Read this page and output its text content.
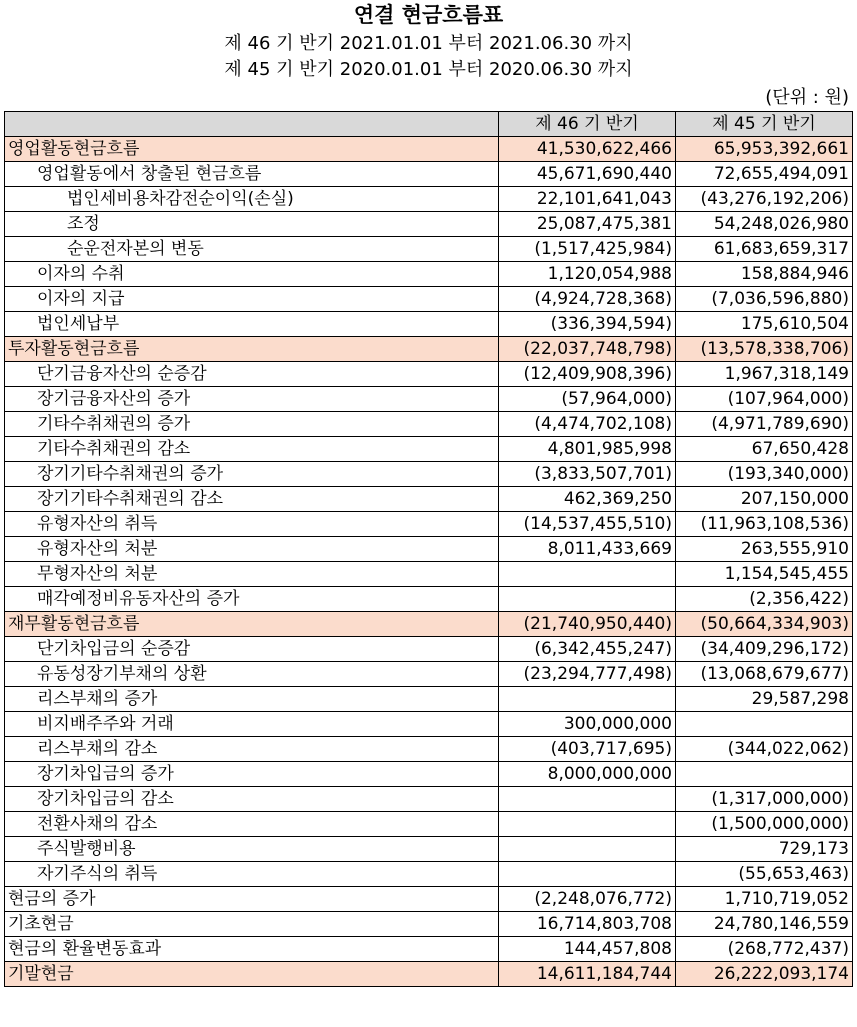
연결 현금흐름표
제 46 기 반기 2021.01.01 부터 2021.06.30 까지
제 45 기 반기 2020.01.01 부터 2020.06.30 까지
(단위 : 원)
	제 46 기 반기	제 45 기 반기
영업활동현금흐름	41,530,622,466	65,953,392,661
영업활동에서 창출된 현금흐름	45,671,690,440	72,655,494,091
법인세비용차감전순이익(손실)	22,101,641,043	(43,276,192,206)
조정	25,087,475,381	54,248,026,980
순운전자본의 변동	(1,517,425,984)	61,683,659,317
이자의 수취	1,120,054,988	158,884,946
이자의 지급	(4,924,728,368)	(7,036,596,880)
법인세납부	(336,394,594)	175,610,504
투자활동현금흐름	(22,037,748,798)	(13,578,338,706)
단기금융자산의 순증감	(12,409,908,396)	1,967,318,149
장기금융자산의 증가	(57,964,000)	(107,964,000)
기타수취채권의 증가	(4,474,702,108)	(4,971,789,690)
기타수취채권의 감소	4,801,985,998	67,650,428
장기기타수취채권의 증가	(3,833,507,701)	(193,340,000)
장기기타수취채권의 감소	462,369,250	207,150,000
유형자산의 취득	(14,537,455,510)	(11,963,108,536)
유형자산의 처분	8,011,433,669	263,555,910
무형자산의 처분		1,154,545,455
매각예정비유동자산의 증가		(2,356,422)
재무활동현금흐름	(21,740,950,440)	(50,664,334,903)
단기차입금의 순증감	(6,342,455,247)	(34,409,296,172)
유동성장기부채의 상환	(23,294,777,498)	(13,068,679,677)
리스부채의 증가		29,587,298
비지배주주와 거래	300,000,000	
리스부채의 감소	(403,717,695)	(344,022,062)
장기차입금의 증가	8,000,000,000	
장기차입금의 감소		(1,317,000,000)
전환사채의 감소		(1,500,000,000)
주식발행비용		729,173
자기주식의 취득		(55,653,463)
현금의 증가	(2,248,076,772)	1,710,719,052
기초현금	16,714,803,708	24,780,146,559
현금의 환율변동효과	144,457,808	(268,772,437)
기말현금	14,611,184,744	26,222,093,174
